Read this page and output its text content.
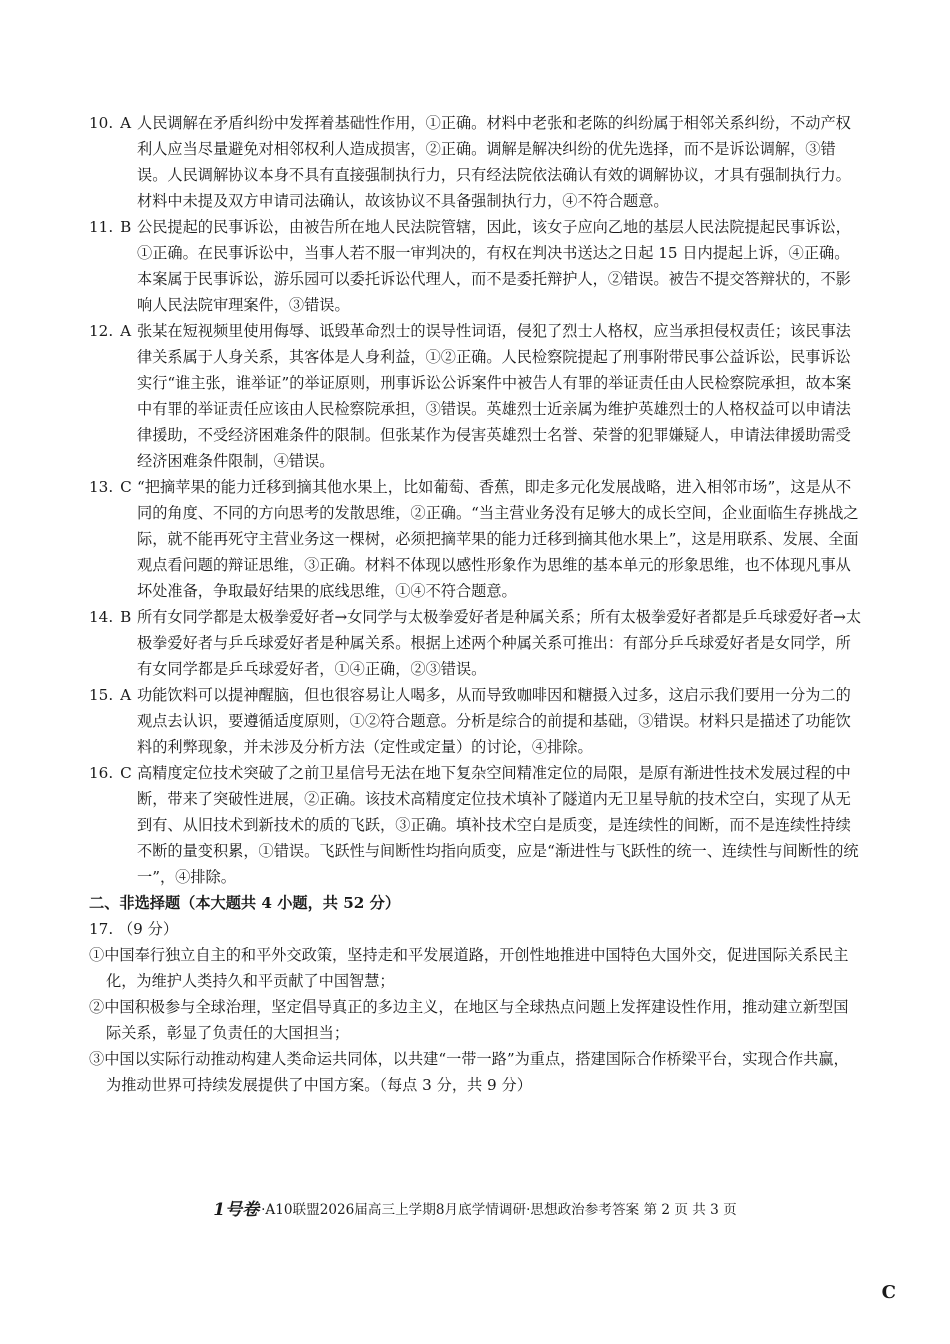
10. A 人民调解在矛盾纠纷中发挥着基础性作用，①正确。材料中老张和老陈的纠纷属于相邻关系纠纷，不动产权利人应当尽量避免对相邻权利人造成损害，②正确。调解是解决纠纷的优先选择，而不是诉讼调解，③错误。人民调解协议本身不具有直接强制执行力，只有经法院依法确认有效的调解协议，才具有强制执行力。材料中未提及双方申请司法确认，故该协议不具备强制执行力，④不符合题意。
11. B 公民提起的民事诉讼，由被告所在地人民法院管辖，因此，该女子应向乙地的基层人民法院提起民事诉讼，①正确。在民事诉讼中，当事人若不服一审判决的，有权在判决书送达之日起 15 日内提起上诉，④正确。本案属于民事诉讼，游乐园可以委托诉讼代理人，而不是委托辩护人，②错误。被告不提交答辩状的，不影响人民法院审理案件，③错误。
12. A 张某在短视频里使用侮辱、诋毁革命烈士的误导性词语，侵犯了烈士人格权，应当承担侵权责任；该民事法律关系属于人身关系，其客体是人身利益，①②正确。人民检察院提起了刑事附带民事公益诉讼，民事诉讼实行“谁主张，谁举证”的举证原则，刑事诉讼公诉案件中被告人有罪的举证责任由人民检察院承担，故本案中有罪的举证责任应该由人民检察院承担，③错误。英雄烈士近亲属为维护英雄烈士的人格权益可以申请法律援助，不受经济困难条件的限制。但张某作为侵害英雄烈士名誉、荣誉的犯罪嫌疑人，申请法律援助需受经济困难条件限制，④错误。
13. C “把摘苹果的能力迁移到摘其他水果上，比如葡萄、香蕉，即走多元化发展战略，进入相邻市场”，这是从不同的角度、不同的方向思考的发散思维，②正确。“当主营业务没有足够大的成长空间，企业面临生存挑战之际，就不能再死守主营业务这一棵树，必须把摘苹果的能力迁移到摘其他水果上”，这是用联系、发展、全面观点看问题的辩证思维，③正确。材料不体现以感性形象作为思维的基本单元的形象思维，也不体现凡事从坏处准备，争取最好结果的底线思维，①④不符合题意。
14. B 所有女同学都是太极拳爱好者→女同学与太极拳爱好者是种属关系；所有太极拳爱好者都是乒乓球爱好者→太极拳爱好者与乒乓球爱好者是种属关系。根据上述两个种属关系可推出：有部分乒乓球爱好者是女同学，所有女同学都是乒乓球爱好者，①④正确，②③错误。
15. A 功能饮料可以提神醒脑，但也很容易让人喝多，从而导致咖啡因和糖摄入过多，这启示我们要用一分为二的观点去认识，要遵循适度原则，①②符合题意。分析是综合的前提和基础，③错误。材料只是描述了功能饮料的利弊现象，并未涉及分析方法（定性或定量）的讨论，④排除。
16. C 高精度定位技术突破了之前卫星信号无法在地下复杂空间精准定位的局限，是原有渐进性技术发展过程的中断，带来了突破性进展，②正确。该技术高精度定位技术填补了隧道内无卫星导航的技术空白，实现了从无到有、从旧技术到新技术的质的飞跃，③正确。填补技术空白是质变，是连续性的间断，而不是连续性持续不断的量变积累，①错误。飞跃性与间断性均指向质变，应是“渐进性与飞跃性的统一、连续性与间断性的统一”，④排除。
二、非选择题（本大题共 4 小题，共 52 分）
17. （9 分）
①中国奉行独立自主的和平外交政策，坚持走和平发展道路，开创性地推进中国特色大国外交，促进国际关系民主化，为维护人类持久和平贡献了中国智慧；
②中国积极参与全球治理，坚定倡导真正的多边主义，在地区与全球热点问题上发挥建设性作用，推动建立新型国际关系，彰显了负责任的大国担当；
③中国以实际行动推动构建人类命运共同体，以共建“一带一路”为重点，搭建国际合作桥梁平台，实现合作共赢，为推动世界可持续发展提供了中国方案。（每点 3 分，共 9 分）
1号卷 ·A10联盟2026届高三上学期8月底学情调研·思想政治参考答案 第 2 页 共 3 页
C
